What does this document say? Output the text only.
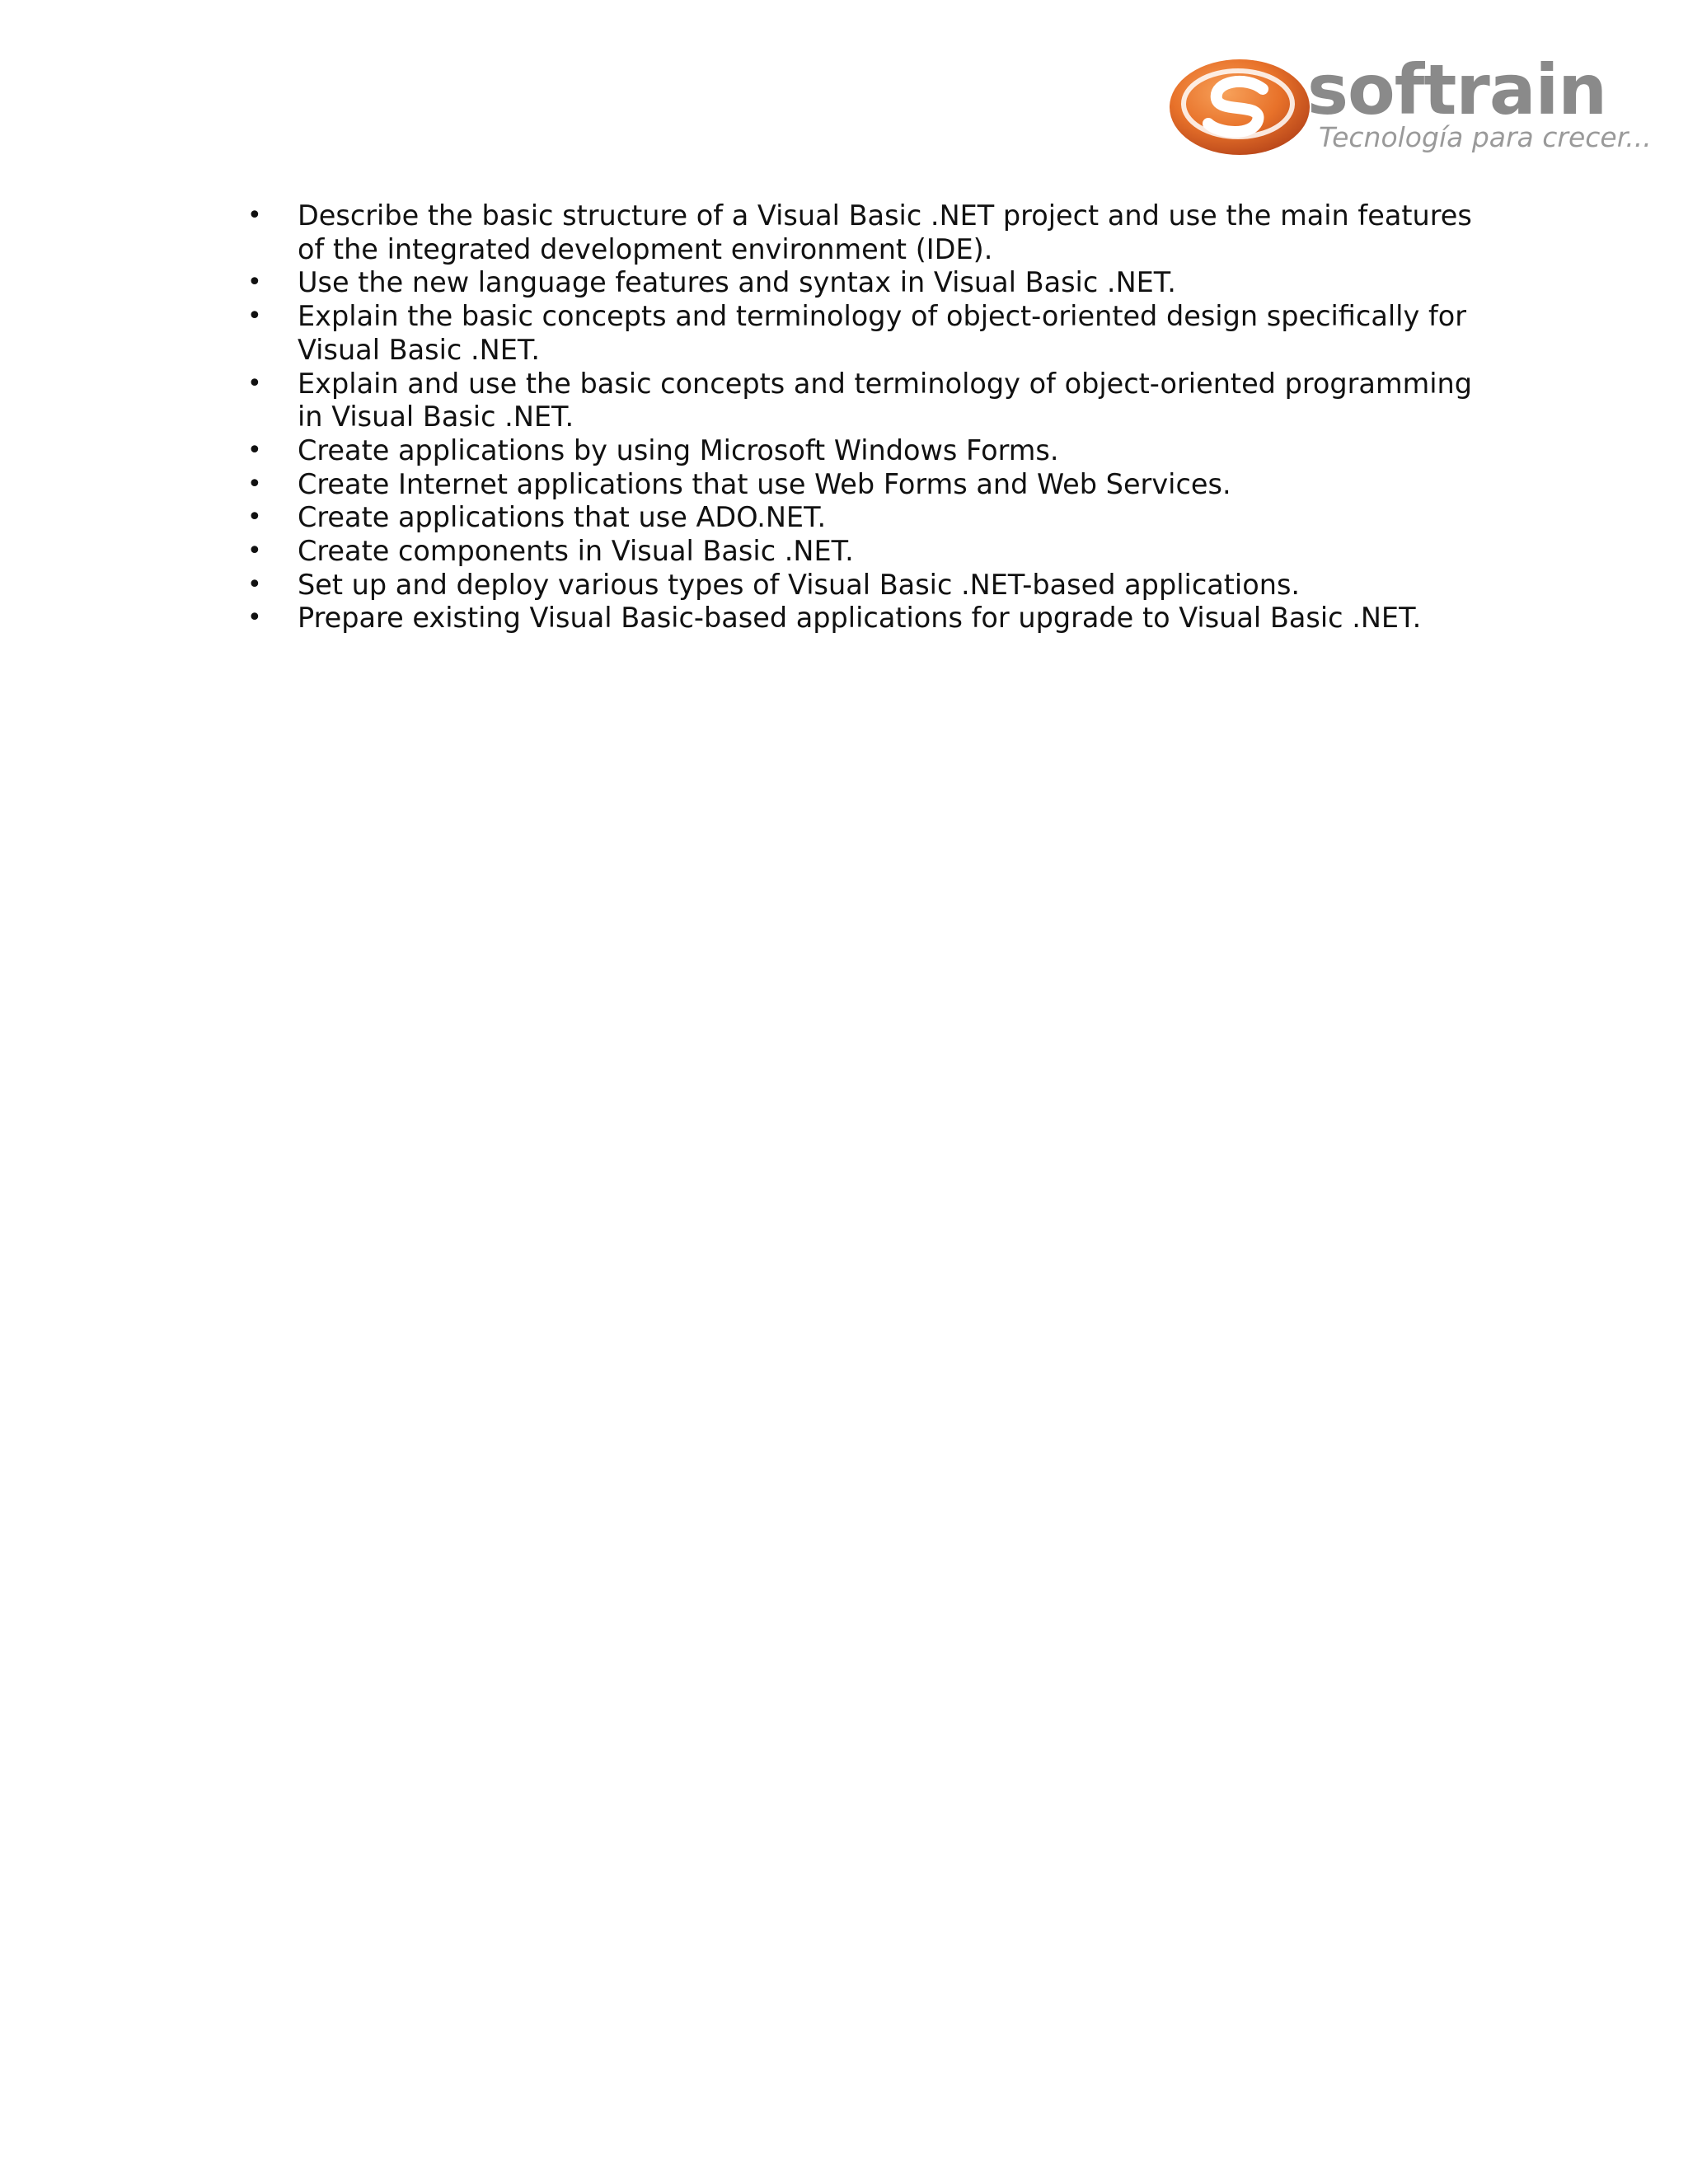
softrain
Tecnología para crecer...
• Describe the basic structure of a Visual Basic .NET project and use the main features of the integrated development environment (IDE).
• Use the new language features and syntax in Visual Basic .NET.
• Explain the basic concepts and terminology of object-oriented design specifically for Visual Basic .NET.
• Explain and use the basic concepts and terminology of object-oriented programming in Visual Basic .NET.
• Create applications by using Microsoft Windows Forms.
• Create Internet applications that use Web Forms and Web Services.
• Create applications that use ADO.NET.
• Create components in Visual Basic .NET.
• Set up and deploy various types of Visual Basic .NET-based applications.
• Prepare existing Visual Basic-based applications for upgrade to Visual Basic .NET.
